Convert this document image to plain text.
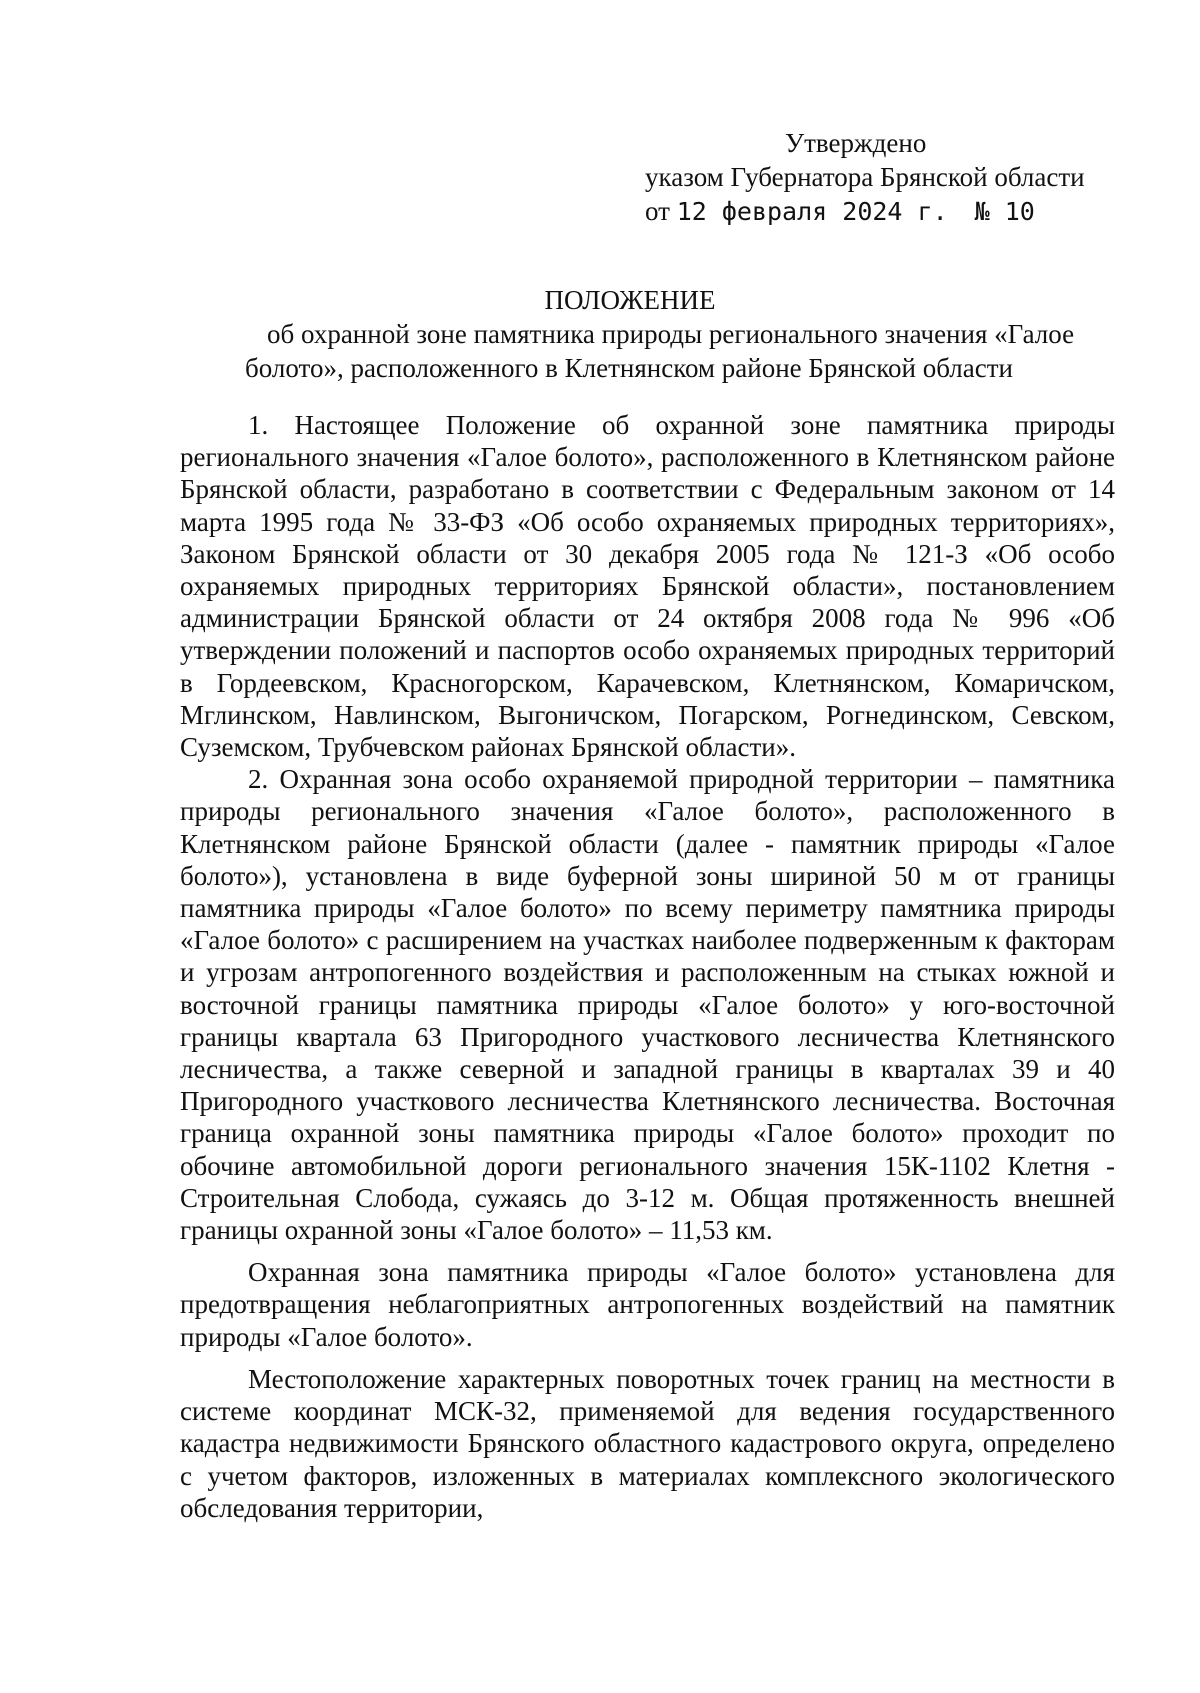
Утверждено
указом Губернатора Брянской области
от 12 февраля 2024 г. № 10
ПОЛОЖЕНИЕ
об охранной зоне памятника природы регионального значения «Галое
болото», расположенного в Клетнянском районе Брянской области

1. Настоящее Положение об охранной зоне памятника природы регионального значения «Галое болото», расположенного в Клетнянском районе Брянской области, разработано в соответствии с Федеральным законом от 14 марта 1995 года № 33-ФЗ «Об особо охраняемых природных территориях», Законом Брянской области от 30 декабря 2005 года № 121-З «Об особо охраняемых природных территориях Брянской области», постановлением администрации Брянской области от 24 октября 2008 года № 996 «Об утверждении положений и паспортов особо охраняемых природных территорий в Гордеевском, Красногорском, Карачевском, Клетнянском, Комаричском, Мглинском, Навлинском, Выгоничском, Погарском, Рогнединском, Севском, Суземском, Трубчевском районах Брянской области».

2. Охранная зона особо охраняемой природной территории – памятника природы регионального значения «Галое болото», расположенного в Клетнянском районе Брянской области (далее - памятник природы «Галое болото»), установлена в виде буферной зоны шириной 50 м от границы памятника природы «Галое болото» по всему периметру памятника природы «Галое болото» с расширением на участках наиболее подверженным к факторам и угрозам антропогенного воздействия и расположенным на стыках южной и восточной границы памятника природы «Галое болото» у юго-восточной границы квартала 63 Пригородного участкового лесничества Клетнянского лесничества, а также северной и западной границы в кварталах 39 и 40 Пригородного участкового лесничества Клетнянского лесничества. Восточная граница охранной зоны памятника природы «Галое болото» проходит по обочине автомобильной дороги регионального значения 15К-1102 Клетня - Строительная Слобода, сужаясь до 3-12 м. Общая протяженность внешней границы охранной зоны «Галое болото» – 11,53 км.

Охранная зона памятника природы «Галое болото» установлена для предотвращения неблагоприятных антропогенных воздействий на памятник природы «Галое болото».

Местоположение характерных поворотных точек границ на местности в системе координат МСК-32, применяемой для ведения государственного кадастра недвижимости Брянского областного кадастрового округа, определено с учетом факторов, изложенных в материалах комплексного экологического обследования территории,
